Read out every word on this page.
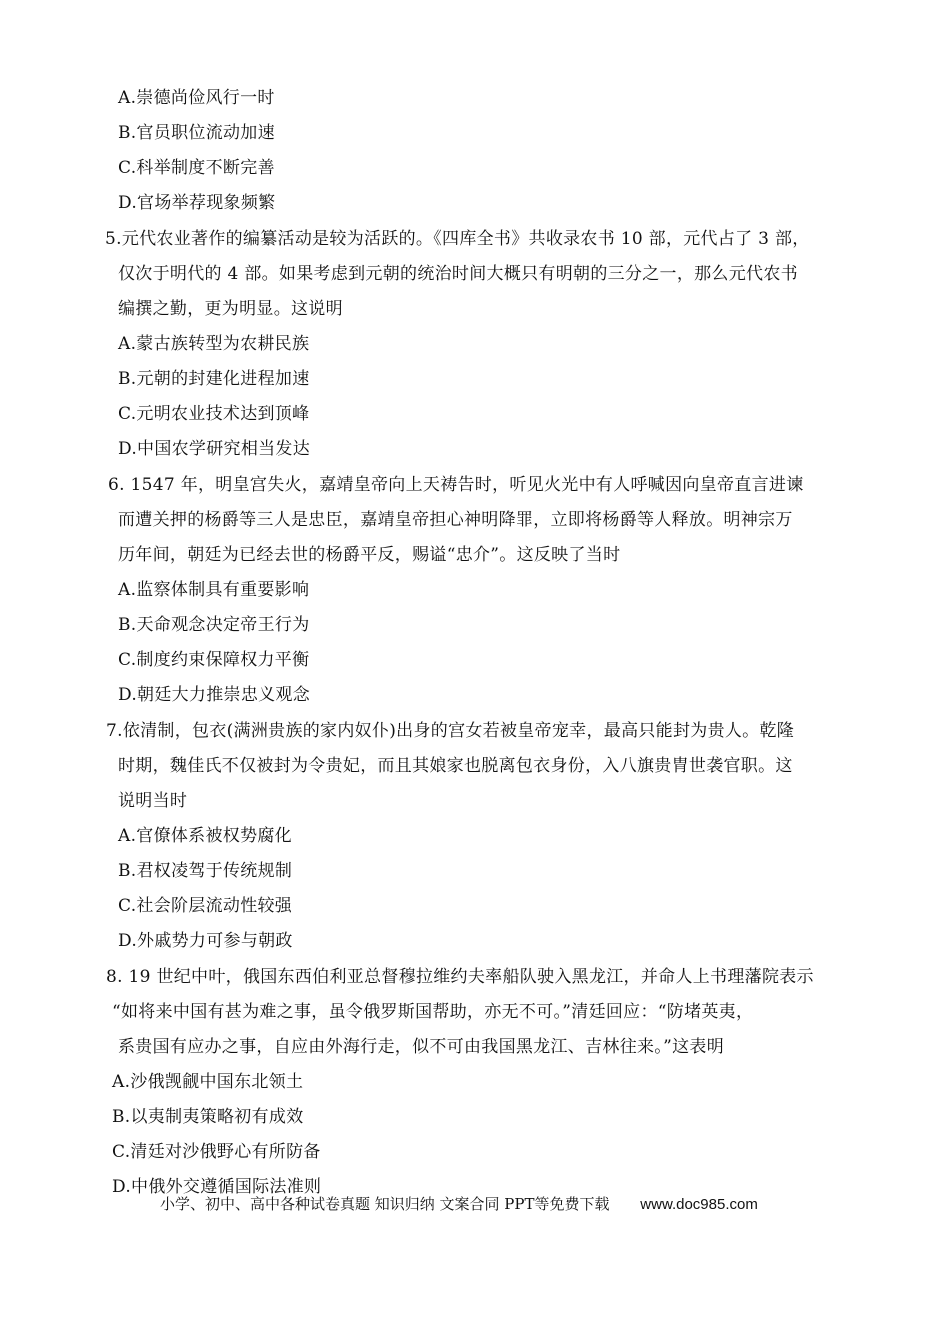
A.崇德尚俭风行一时
B.官员职位流动加速
C.科举制度不断完善
D.官场举荐现象频繁
5.元代农业著作的编纂活动是较为活跃的。《四库全书》共收录农书 10 部，元代占了 3 部，
仅次于明代的 4 部。如果考虑到元朝的统治时间大概只有明朝的三分之一，那么元代农书
编撰之勤，更为明显。这说明
A.蒙古族转型为农耕民族
B.元朝的封建化进程加速
C.元明农业技术达到顶峰
D.中国农学研究相当发达
6. 1547 年，明皇宫失火，嘉靖皇帝向上天祷告时，听见火光中有人呼喊因向皇帝直言进谏
而遭关押的杨爵等三人是忠臣，嘉靖皇帝担心神明降罪，立即将杨爵等人释放。明神宗万
历年间，朝廷为已经去世的杨爵平反，赐谥“忠介”。这反映了当时
A.监察体制具有重要影响
B.天命观念决定帝王行为
C.制度约束保障权力平衡
D.朝廷大力推崇忠义观念
7.依清制，包衣(满洲贵族的家内奴仆)出身的宫女若被皇帝宠幸，最高只能封为贵人。乾隆
时期，魏佳氏不仅被封为令贵妃，而且其娘家也脱离包衣身份，入八旗贵胄世袭官职。这
说明当时
A.官僚体系被权势腐化
B.君权凌驾于传统规制
C.社会阶层流动性较强
D.外戚势力可参与朝政
8. 19 世纪中叶，俄国东西伯利亚总督穆拉维约夫率船队驶入黑龙江，并命人上书理藩院表示
“如将来中国有甚为难之事，虽令俄罗斯国帮助，亦无不可。”清廷回应：“防堵英夷，
系贵国有应办之事，自应由外海行走，似不可由我国黑龙江、吉林往来。”这表明
A.沙俄觊觎中国东北领土
B.以夷制夷策略初有成效
C.清廷对沙俄野心有所防备
D.中俄外交遵循国际法准则
小学、初中、高中各种试卷真题 知识归纳 文案合同 PPT等免费下载 www.doc985.com
